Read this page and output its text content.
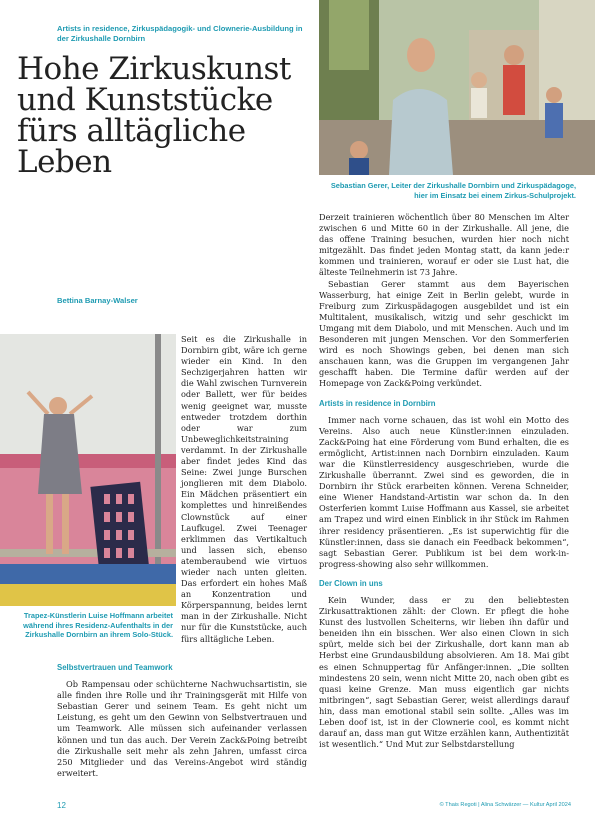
Artists in residence, Zirkuspädagogik- und Clownerie-Ausbildung in der Zirkushalle Dornbirn
Hohe Zirkuskunst und Kunststücke fürs alltägliche Leben
Bettina Barnay-Walser
Sebastian Gerer, Leiter der Zirkushalle Dornbirn und Zirkuspädagoge, hier im Einsatz bei einem Zirkus-Schulprojekt.
Trapez-Künstlerin Luise Hoffmann arbeitet während ihres Residenz-Aufenthalts in der Zirkushalle Dornbirn an ihrem Solo-Stück.

Seit es die Zirkushalle in Dornbirn gibt, wäre ich gerne wieder ein Kind. In den Sechzigerjahren hatten wir die Wahl zwischen Turnverein oder Ballett, wer für beides wenig geeignet war, musste entweder trotzdem dorthin oder war zum Unbeweglichkeitstraining verdammt. In der Zirkushalle aber findet jedes Kind das Seine: Zwei junge Burschen jonglieren mit dem Diabolo. Ein Mädchen präsentiert ein komplettes und hinreißendes Clownstück auf einer Laufkugel. Zwei Teenager erklimmen das Vertikaltuch und lassen sich, ebenso atemberaubend wie virtuos wieder nach unten gleiten. Das erfordert ein hohes Maß an Konzentration und Körperspannung, beides lernt man in der Zirkushalle. Nicht nur für die Kunststücke, auch fürs alltägliche Leben.

Selbstvertrauen und Teamwork

Ob Rampensau oder schüchterne Nachwuchsartistin, sie alle finden ihre Rolle und ihr Trainingsgerät mit Hilfe von Sebastian Gerer und seinem Team. Es geht nicht um Leistung, es geht um den Gewinn von Selbstvertrauen und um Teamwork. Alle müssen sich aufeinander verlassen können und tun das auch. Der Verein Zack&Poing betreibt die Zirkushalle seit mehr als zehn Jahren, umfasst circa 250 Mitglieder und das Vereins-Angebot wird ständig erweitert.

Derzeit trainieren wöchentlich über 80 Menschen im Alter zwischen 6 und Mitte 60 in der Zirkushalle. All jene, die das offene Training besuchen, wurden hier noch nicht mitgezählt. Das findet jeden Montag statt, da kann jede:r kommen und trainieren, worauf er oder sie Lust hat, die älteste Teilnehmerin ist 73 Jahre.

Sebastian Gerer stammt aus dem Bayerischen Wasserburg, hat einige Zeit in Berlin gelebt, wurde in Freiburg zum Zirkuspädagogen ausgebildet und ist ein Multitalent, musikalisch, witzig und sehr geschickt im Umgang mit dem Diabolo, und mit Menschen. Auch und im Besonderen mit jungen Menschen. Vor den Sommerferien wird es noch Showings geben, bei denen man sich anschauen kann, was die Gruppen im vergangenen Jahr geschafft haben. Die Termine dafür werden auf der Homepage von Zack&Poing verkündet.

Artists in residence in Dornbirn

Immer nach vorne schauen, das ist wohl ein Motto des Vereins. Also auch neue Künstler:innen einzuladen. Zack&Poing hat eine Förderung vom Bund erhalten, die es ermöglicht, Artist:innen nach Dornbirn einzuladen. Kaum war die Künstlerresidency ausgeschrieben, wurde die Zirkushalle überrannt. Zwei sind es geworden, die in Dornbirn ihr Stück erarbeiten können. Verena Schneider, eine Wiener Handstand-Artistin war schon da. In den Osterferien kommt Luise Hoffmann aus Kassel, sie arbeitet am Trapez und wird einen Einblick in ihr Stück im Rahmen ihrer residency präsentieren. „Es ist superwichtig für die Künstler:innen, dass sie danach ein Feedback bekommen“, sagt Sebastian Gerer. Publikum ist bei dem work-in-progress-showing also sehr willkommen.

Der Clown in uns

Kein Wunder, dass er zu den beliebtesten Zirkusattraktionen zählt: der Clown. Er pflegt die hohe Kunst des lustvollen Scheiterns, wir lieben ihn dafür und beneiden ihn ein bisschen. Wer also einen Clown in sich spürt, melde sich bei der Zirkushalle, dort kann man ab Herbst eine Grundausbildung absolvieren. Am 18. Mai gibt es einen Schnuppertag für Anfänger:innen. „Die sollten mindestens 20 sein, wenn nicht Mitte 20, nach oben gibt es quasi keine Grenze. Man muss eigentlich gar nichts mitbringen“, sagt Sebastian Gerer, weist allerdings darauf hin, dass man emotional stabil sein sollte. „Alles was im Leben doof ist, ist in der Clownerie cool, es kommt nicht darauf an, dass man gut Witze erzählen kann, Authentizität ist wesentlich.“ Und Mut zur Selbstdarstellung

12	© Thais Regoti | Alina Schwärzer — Kultur April 2024
